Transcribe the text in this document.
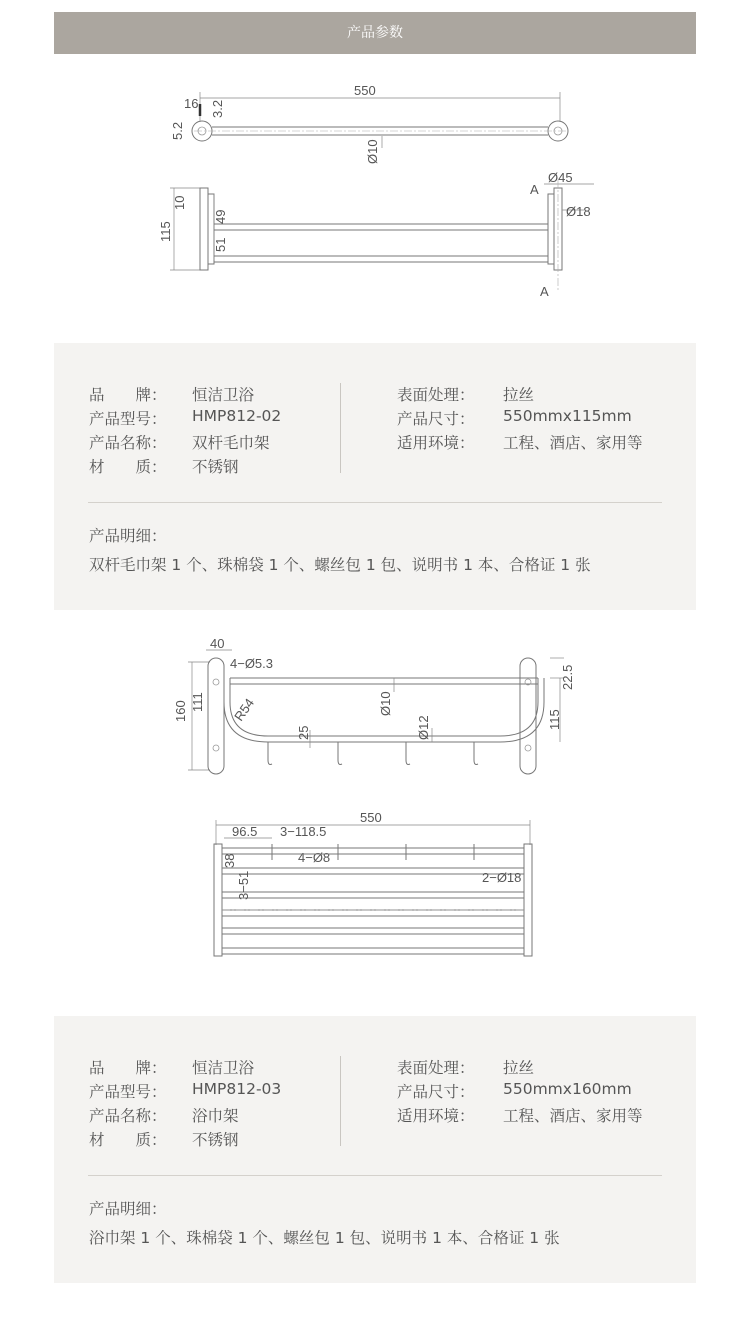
产品参数
550
16 3.2
5.2
Ø10
115
10
49
51
Ø45
A
Ø18
A
品　　牌： 恒洁卫浴
产品型号： HMP812-02
产品名称： 双杆毛巾架
材　　质： 不锈钢
表面处理： 拉丝
产品尺寸： 550mmx115mm
适用环境： 工程、酒店、家用等
产品明细：
双杆毛巾架 1 个、珠棉袋 1 个、螺丝包 1 包、说明书 1 本、合格证 1 张
40
4−Ø5.3
160 111 R54	Ø10
Ø12
25
22.5
115
550
96.5 3−118.5
4−Ø8
38
3−51	2−Ø18
品　　牌： 恒洁卫浴
产品型号： HMP812-03
产品名称： 浴巾架
材　　质： 不锈钢
表面处理： 拉丝
产品尺寸： 550mmx160mm
适用环境： 工程、酒店、家用等
产品明细：
浴巾架 1 个、珠棉袋 1 个、螺丝包 1 包、说明书 1 本、合格证 1 张
